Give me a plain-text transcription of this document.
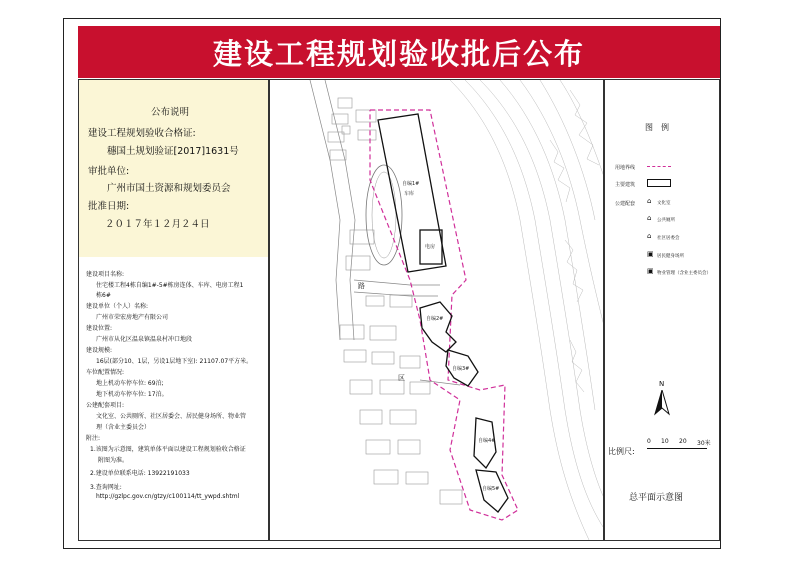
建设工程规划验收批后公布
公布说明
建设工程规划验收合格证:
穗国土规划验证[2017]1631号
审批单位:
广州市国土资源和规划委员会
批准日期:
２０１７年１２月２４日
建设项目名称:
住宅楼工程4栋自编1#-5#栋房连体、车库、电房工程1
栋6#
建设单位（个人）名称:
广州市荣宏房地产有限公司
建设位置:
广州市从化区温泉镇温泉村冲口地段
建设规模:
16层(部分10、1层，另设1层地下室): 21107.07平方米。
车位配置情况:
地上机动车停车位: 69泊;
地下机动车停车位: 17泊。
公建配套项目:
文化室、公共厕所、社区居委会、居民健身场所、物业管
理（含业主委员会）
附注:
1.该图为示意图，建筑单体平面以建设工程规划验收合格证
附图为准。
2.建设单位联系电话: 13922191033
3.查询网址:
http://gzlpc.gov.cn/gtzy/c100114/tt_ywpd.shtml
自编1#
车库
电房
自编2#
自编3#
自编4#
自编5#
路
区
图　例
用地界线
主要建筑
公建配套 ⌂ 文化室
⌂ 公共厕所
⌂ 社区居委会
▣ 居民健身场所
▣ 物业管理（含业主委员会）
N
比例尺:
0 10 20 30米
总平面示意图
